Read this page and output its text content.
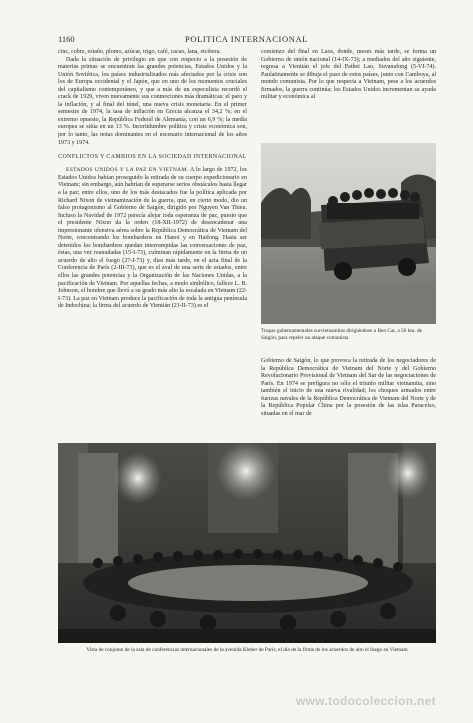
1160	POLITICA INTERNACIONAL

cinc, cobre, estaño, plomo, azúcar, trigo, café, cacao, lana, etcétera.

Dada la situación de privilegio en que con respecto a la posesión de materias primas se encuentran las grandes potencias, Estados Unidos y la Unión Soviética, los países industrializados más afectados por la crisis son los de Europa occidental y el Japón, que en uno de los momentos cruciales del capitalismo contemporáneo, y que a más de un especulista recordó el crack de 1929, viven nuevamente sus conmociones más dramáticas: el paro y la inflación, y al final del túnel, una nueva crisis monetaria. En el primer semestre de 1974, la tasa de inflación en Grecia alcanza el 34,2 %; en el extremo opuesto, la República Federal de Alemania, con un 6,9 %; la media europea se sitúa en un 13 %. Incertidumbre política y crisis económica son, por lo tanto, las notas dominantes en el escenario internacional de los años 1973 y 1974.

CONFLICTOS Y CAMBIOS EN LA SOCIEDAD INTERNACIONAL

ESTADOS UNIDOS Y LA PAZ EN VIETNAM. A lo largo de 1972, los Estados Unidos habían proseguido la retirada de su cuerpo expedicionario en Vietnam; sin embargo, aún habrían de superarse serios obstáculos hasta llegar a la paz; entre ellos, uno de los más destacados fue la política aplicada por Richard Nixon de vietnamización de la guerra, que, en cierto modo, dio un falso protagonismo al Gobierno de Saigón, dirigido por Nguyen Van Thieu. Incluso la Navidad de 1972 parecía alejar toda esperanza de paz, puesto que el presidente Nixon da la orden (18-XII-1972) de desencadenar una impresionante ofensiva aérea sobre la República Democrática de Vietnam del Norte, concentrando los bombardeos en Hanoi y en Haifong. Hasta ser detenidos los bombardeos quedan interrumpidas las conversaciones de paz, éstas, una vez reanudadas (15-I-73), culminan rápidamente en la firma de un acuerdo de alto el fuego (27-I-73) y, días más tarde, en el acta final de la Conferencia de París (2-III-73), que es el aval de una serie de estados, entre ellos las grandes potencias y la Organización de las Naciones Unidas, a la pacificación de Vietnam. Por aquellas fechas, a modo simbólico, fallece L. B. Johnson, el hombre que llevó a su grado más alto la escalada en Vietnam (22-I-73). La paz en Vietnam produce la pacificación de toda la antigua península de Indochina; la firma del acuerdo de Vientián (21-II-73) es el

comienzo del final en Laos, donde, meses más tarde, se forma un Gobierno de unión nacional (14-IX-73); a mediados del año siguiente, regresa a Vientián el jefe del Pathet Lao, Suvanafong (5-VI-74). Paulatinamente se dibuja el paso de estos países, junto con Camboya, al mundo comunista. Por lo que respecta a Vietnam, pese a los acuerdos firmados, la guerra continúa; los Estados Unidos incrementan su ayuda militar y económica al

Tropas gubernamentales survietnamitas dirigiéndose a Ben Cat, a 50 km. de Saigón, para repeler un ataque comunista

Gobierno de Saigón, lo que provoca la retirada de los negociadores de la República Democrática de Vietnam del Norte y del Gobierno Revolucionario Provisional de Vietnam del Sur de las negociaciones de París. En 1974 se prefigura no sólo el triunfo militar vietnamita, sino también el inicio de una nueva rivalidad; los choques armados entre fuerzas navales de la República Democrática de Vietnam del Norte y de la República Popular China por la posesión de las islas Paracelso, situadas en el mar de

Vista de conjunto de la sala de conferencias internacionales de la avenida Kleber de París, el día de la firma de los acuerdos de alto el fuego en Vietnam
www.todocoleccion.net
